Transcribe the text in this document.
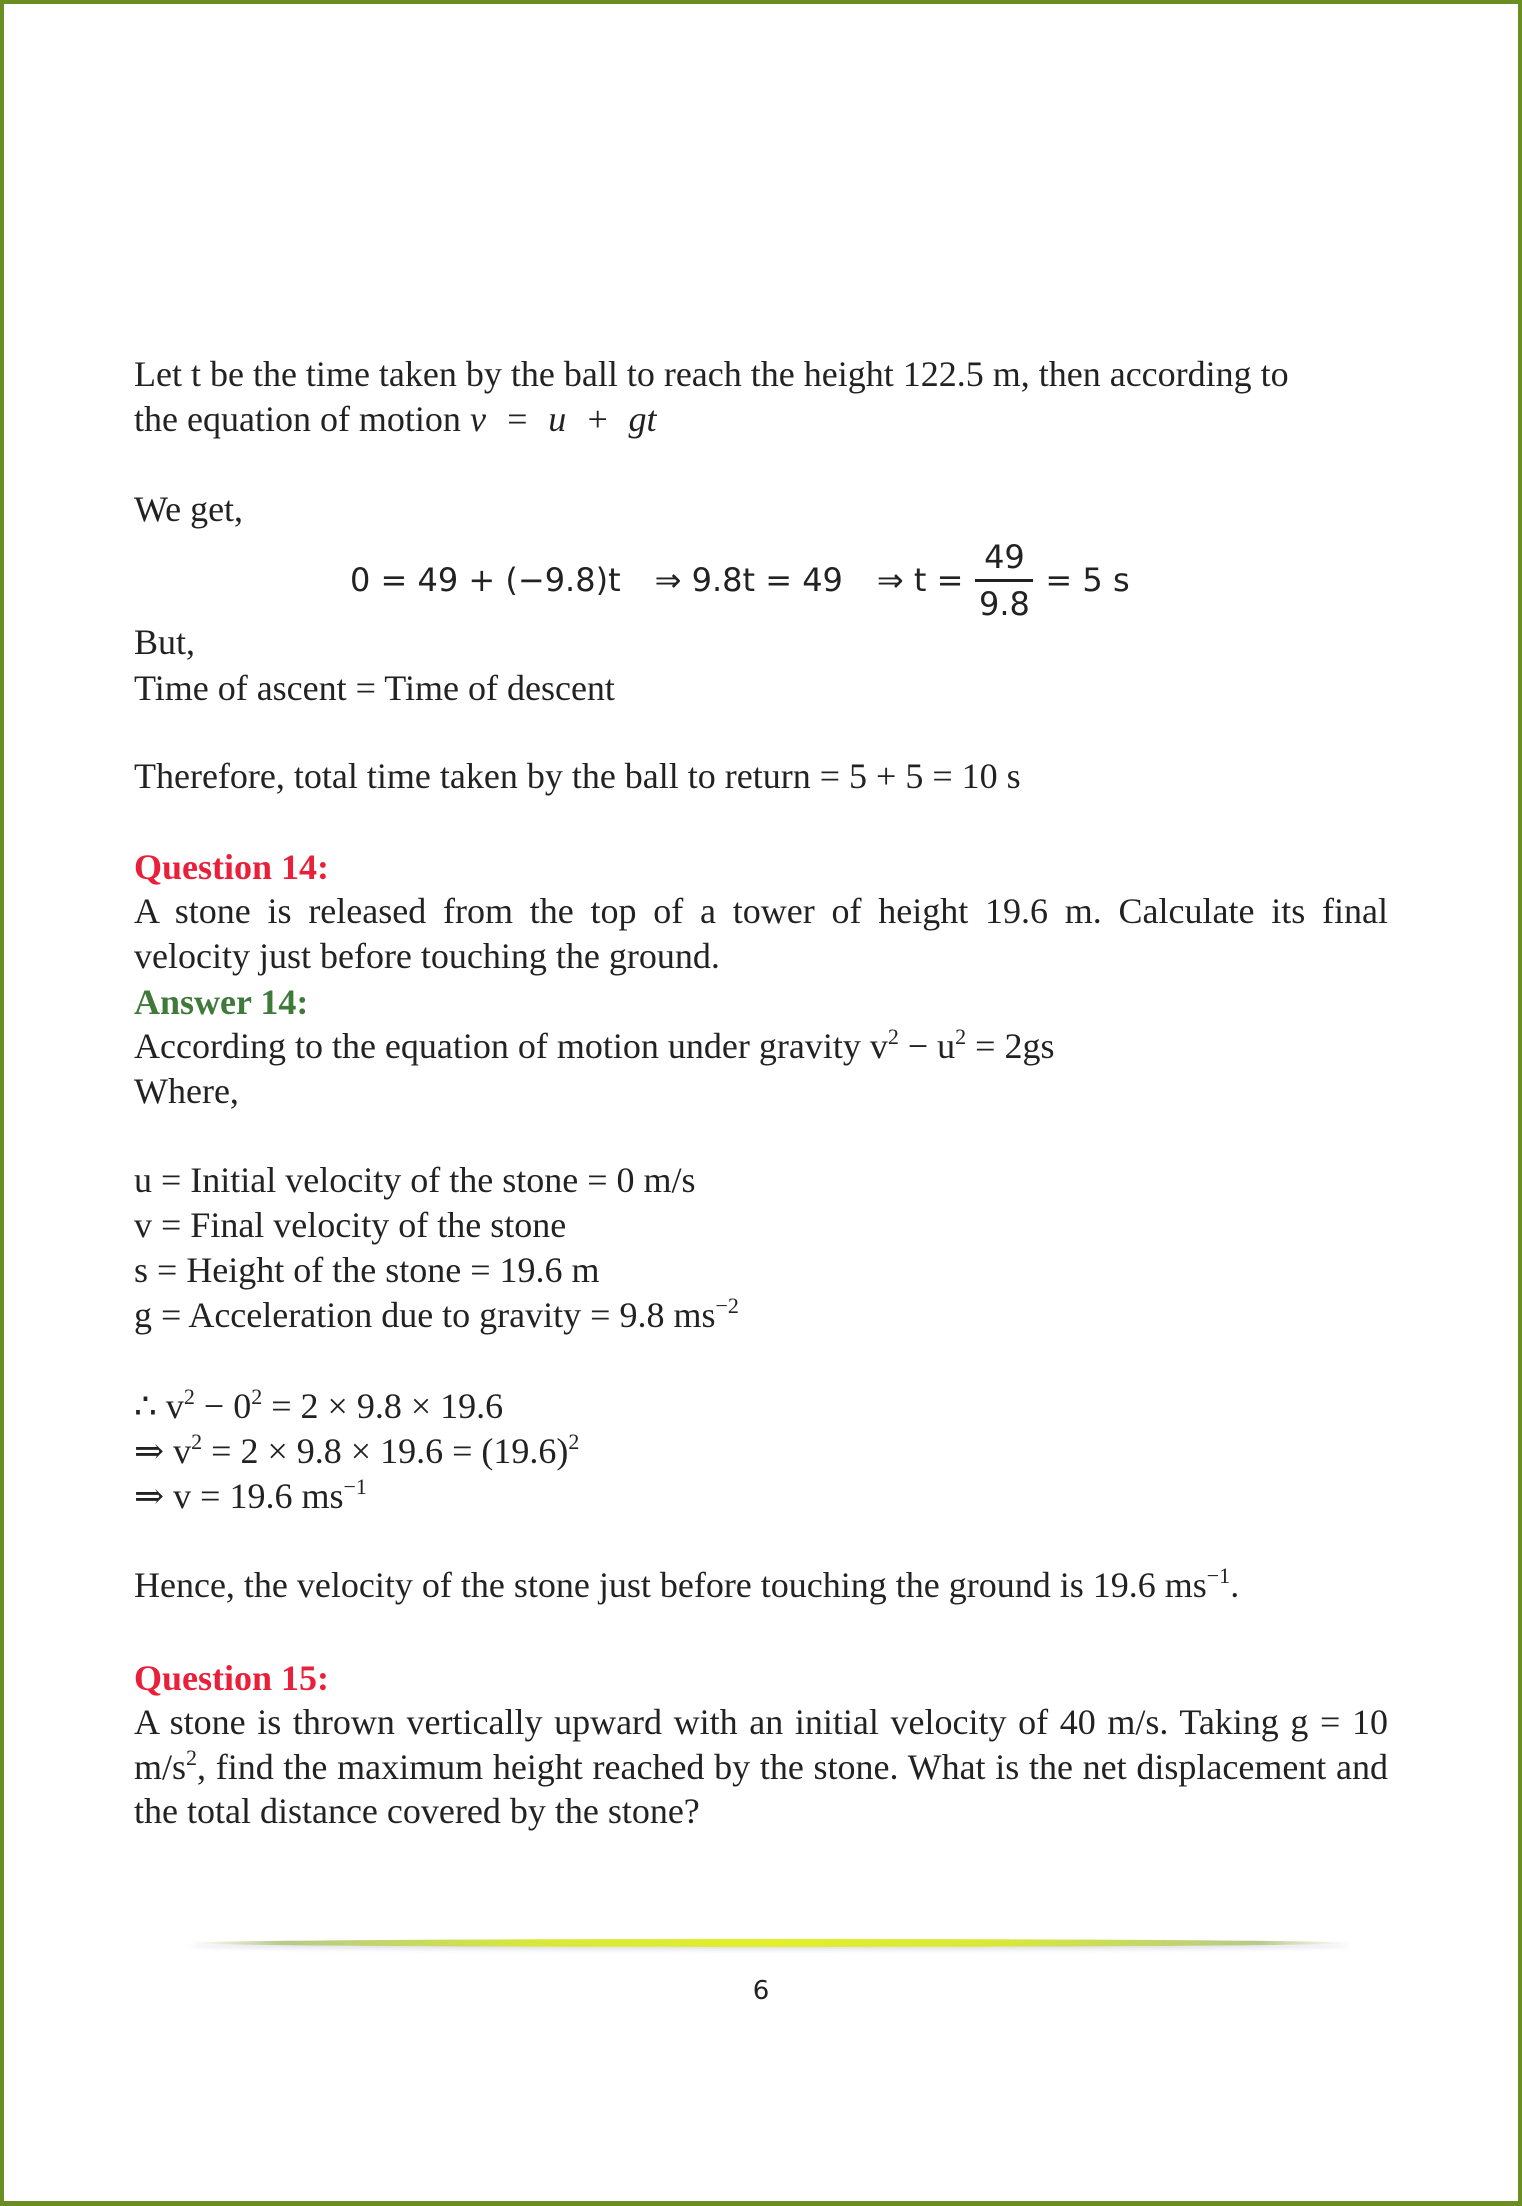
Let t be the time taken by the ball to reach the height 122.5 m, then according to
the equation of motion v = u + gt
We get,
0 = 49 + (−9.8)t ⇒ 9.8t = 49 ⇒ $t = \frac{49}{9.8} = 5$ s
But,
Time of ascent = Time of descent
Therefore, total time taken by the ball to return = 5 + 5 = 10 s
Question 14:
A stone is released from the top of a tower of height 19.6 m. Calculate its final velocity just before touching the ground.
Answer 14:
According to the equation of motion under gravity $v^2 - u^2 = 2gs$
Where,
u = Initial velocity of the stone = 0 m/s
v = Final velocity of the stone
s = Height of the stone = 19.6 m
g = Acceleration due to gravity = 9.8 $ms^{-2}$
∴ $v^2 - 0^2 = 2 \times 9.8 \times 19.6$
⇒ $v^2 = 2 \times 9.8 \times 19.6 = (19.6)^2$
⇒ v = 19.6 $ms^{-1}$
Hence, the velocity of the stone just before touching the ground is 19.6 $ms^{-1}$.
Question 15:
A stone is thrown vertically upward with an initial velocity of 40 m/s. Taking g = 10 $m/s^2$, find the maximum height reached by the stone. What is the net displacement and the total distance covered by the stone?
6
